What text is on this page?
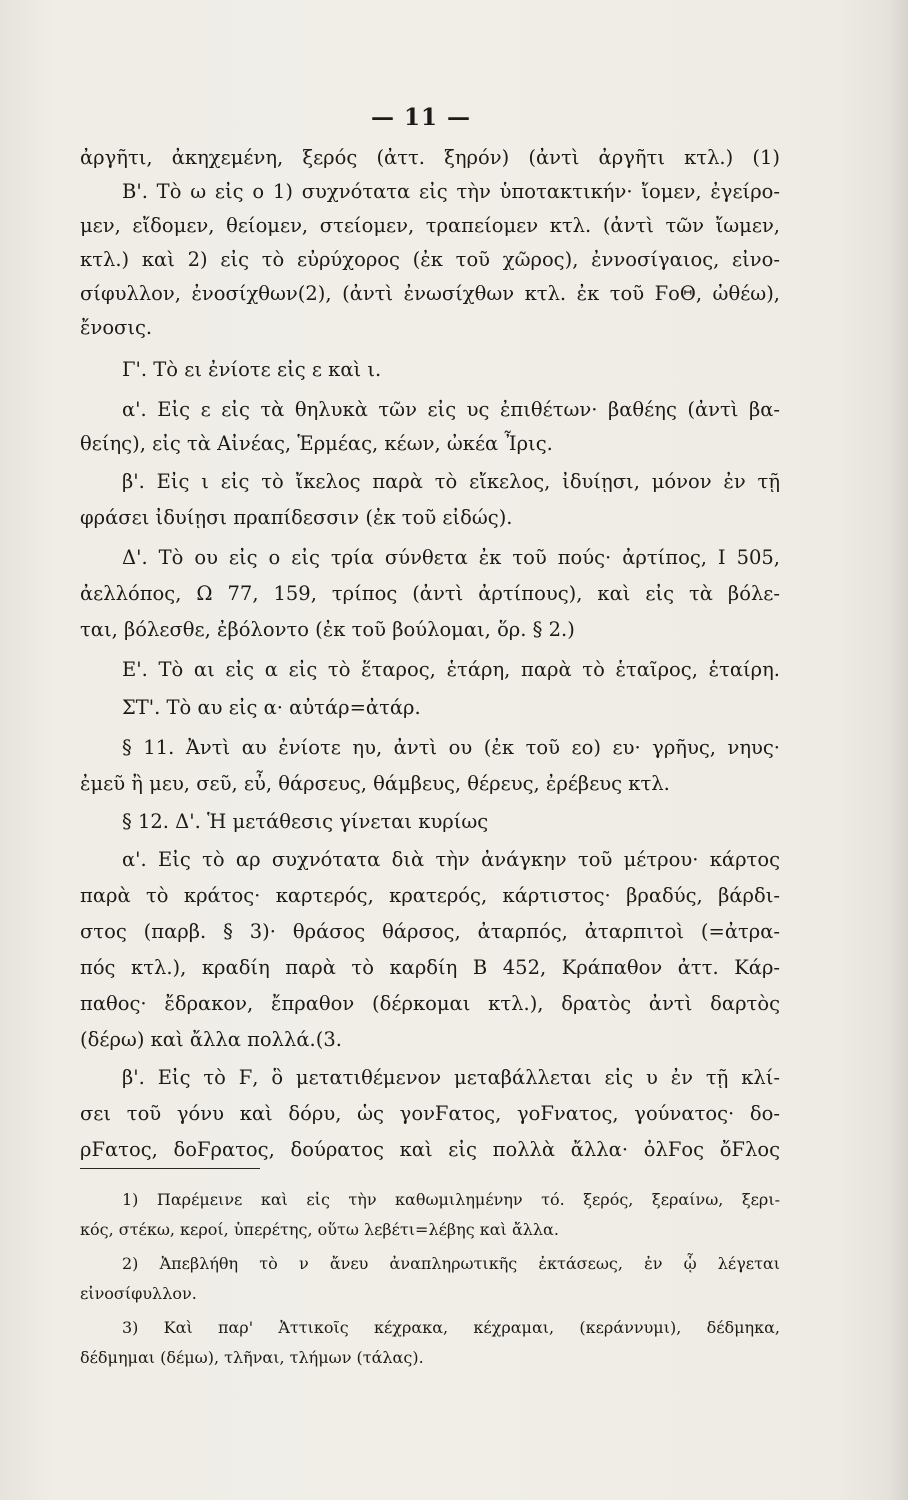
— 11 —
ἀργῆτι, ἀκηχεμένη, ξερός (ἀττ. ξηρόν) (ἀντὶ ἀργῆτι κτλ.) (1)
Β'. Τὸ ω εἰς ο 1) συχνότατα εἰς τὴν ὑποτακτικήν· ἴομεν, ἐγείρο-
μεν, εἴδομεν, θείομεν, στείομεν, τραπείομεν κτλ. (ἀντὶ τῶν ἴωμεν,
κτλ.) καὶ 2) εἰς τὸ εὐρύχορος (ἐκ τοῦ χῶρος), ἐννοσίγαιος, εἰνο-
σίφυλλον, ἐνοσίχθων(2), (ἀντὶ ἐνωσίχθων κτλ. ἐκ τοῦ ϜοΘ, ὠθέω),
ἔνοσις.
Γ'. Τὸ ει ἐνίοτε εἰς ε καὶ ι.
α'. Εἰς ε εἰς τὰ θηλυκὰ τῶν εἰς υς ἐπιθέτων· βαθέης (ἀντὶ βα-
θείης), εἰς τὰ Αἰνέας, Ἑρμέας, κέων, ὠκέα Ἶρις.
β'. Εἰς ι εἰς τὸ ἴκελος παρὰ τὸ εἴκελος, ἰδυίῃσι, μόνον ἐν τῇ
φράσει ἰδυίῃσι πραπίδεσσιν (ἐκ τοῦ εἰδώς).
Δ'. Τὸ ου εἰς ο εἰς τρία σύνθετα ἐκ τοῦ πούς· ἀρτίπος, Ι 505,
ἀελλόπος, Ω 77, 159, τρίπος (ἀντὶ ἀρτίπους), καὶ εἰς τὰ βόλε-
ται, βόλεσθε, ἐβόλοντο (ἐκ τοῦ βούλομαι, ὅρ. § 2.)
Ε'. Τὸ αι εἰς α εἰς τὸ ἕταρος, ἑτάρη, παρὰ τὸ ἑταῖρος, ἑταίρη.
ΣΤ'. Τὸ αυ εἰς α· αὐτάρ=ἀτάρ.
§ 11. Ἀντὶ αυ ἐνίοτε ηυ, ἀντὶ ου (ἐκ τοῦ εο) ευ· γρῆυς, νηυς·
ἐμεῦ ἢ μευ, σεῦ, εὖ, θάρσευς, θάμβευς, θέρευς, ἐρέβευς κτλ.
§ 12. Δ'. Ἡ μετάθεσις γίνεται κυρίως
α'. Εἰς τὸ αρ συχνότατα διὰ τὴν ἀνάγκην τοῦ μέτρου· κάρτος
παρὰ τὸ κράτος· καρτερός, κρατερός, κάρτιστος· βραδύς, βάρδι-
στος (παρβ. § 3)· θράσος θάρσος, ἀταρπός, ἀταρπιτοὶ (=ἀτρα-
πός κτλ.), κραδίη παρὰ τὸ καρδίη Β 452, Κράπαθον ἀττ. Κάρ-
παθος· ἔδρακον, ἔπραθον (δέρκομαι κτλ.), δρατὸς ἀντὶ δαρτὸς
(δέρω) καὶ ἄλλα πολλά.(3.
β'. Εἰς τὸ Ϝ, ὃ μετατιθέμενον μεταβάλλεται εἰς υ ἐν τῇ κλί-
σει τοῦ γόνυ καὶ δόρυ, ὡς γονϜατος, γοϜνατος, γούνατος· δο-
ρϜατος, δοϜρατος, δούρατος καὶ εἰς πολλὰ ἄλλα· ὀλϜος ὄϜλος
1) Παρέμεινε καὶ εἰς τὴν καθωμιλημένην τό. ξερός, ξεραίνω, ξερι-
κός, στέκω, κεροί, ὑπερέτης, οὕτω λεβέτι=λέβης καὶ ἄλλα.
2) Ἀπεβλήθη τὸ ν ἄνευ ἀναπληρωτικῆς ἐκτάσεως, ἐν ᾧ λέγεται
εἰνοσίφυλλον.
3) Καὶ παρ' Ἀττικοῖς κέχρακα, κέχραμαι, (κεράννυμι), δέδμηκα,
δέδμημαι (δέμω), τλῆναι, τλήμων (τάλας).
